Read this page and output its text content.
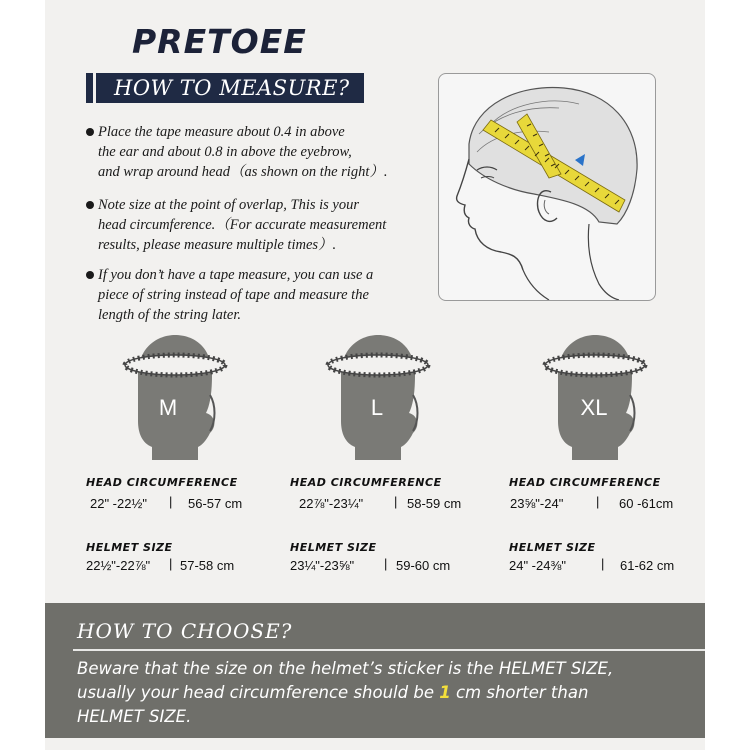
PRETOEE
HOW TO MEASURE?
Place the tape measure about 0.4 in above
the ear and about 0.8 in above the eyebrow,
and wrap around head（as shown on the right）.
Note size at the point of overlap, This is your
head circumference.（For accurate measurement
results, please measure multiple times）.
If you don’t have a tape measure, you can use a
piece of string instead of tape and measure the
length of the string later.
M	L	XL
HEAD CIRCUMFERENCE
22" -22½" | 56-57 cm
HELMET SIZE
22½"-22⅞" | 57-58 cm
HEAD CIRCUMFERENCE
22⅞"-23¼" | 58-59 cm
HELMET SIZE
23¼"-23⅝" | 59-60 cm
HEAD CIRCUMFERENCE
23⅝"-24"	| 60 -61cm
HELMET SIZE
24" -24⅜"	| 61-62 cm
HOW TO CHOOSE?
Beware that the size on the helmet’s sticker is the HELMET SIZE,
usually your head circumference should be 1 cm shorter than
HELMET SIZE.
